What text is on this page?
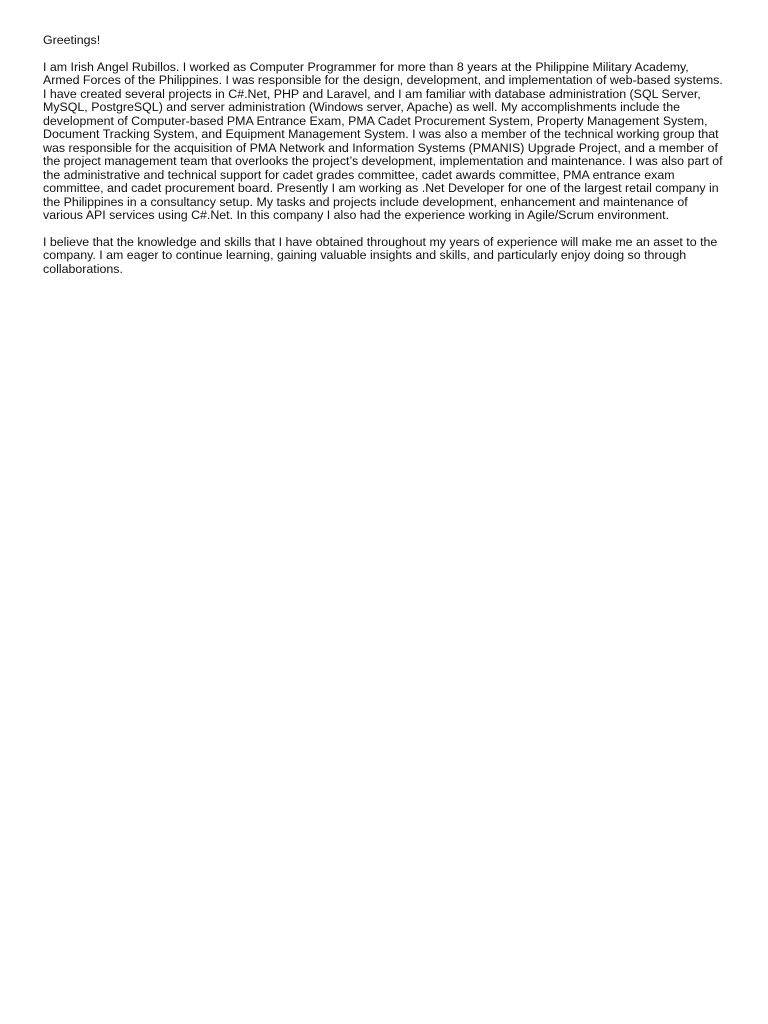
Greetings!

I am Irish Angel Rubillos. I worked as Computer Programmer for more than 8 years at the Philippine Military Academy,
Armed Forces of the Philippines. I was responsible for the design, development, and implementation of web-based systems.
I have created several projects in C#.Net, PHP and Laravel, and I am familiar with database administration (SQL Server,
MySQL, PostgreSQL) and server administration (Windows server, Apache) as well. My accomplishments include the
development of Computer-based PMA Entrance Exam, PMA Cadet Procurement System, Property Management System,
Document Tracking System, and Equipment Management System. I was also a member of the technical working group that
was responsible for the acquisition of PMA Network and Information Systems (PMANIS) Upgrade Project, and a member of
the project management team that overlooks the project’s development, implementation and maintenance. I was also part of
the administrative and technical support for cadet grades committee, cadet awards committee, PMA entrance exam
committee, and cadet procurement board. Presently I am working as .Net Developer for one of the largest retail company in
the Philippines in a consultancy setup. My tasks and projects include development, enhancement and maintenance of
various API services using C#.Net. In this company I also had the experience working in Agile/Scrum environment.

I believe that the knowledge and skills that I have obtained throughout my years of experience will make me an asset to the
company. I am eager to continue learning, gaining valuable insights and skills, and particularly enjoy doing so through
collaborations.
